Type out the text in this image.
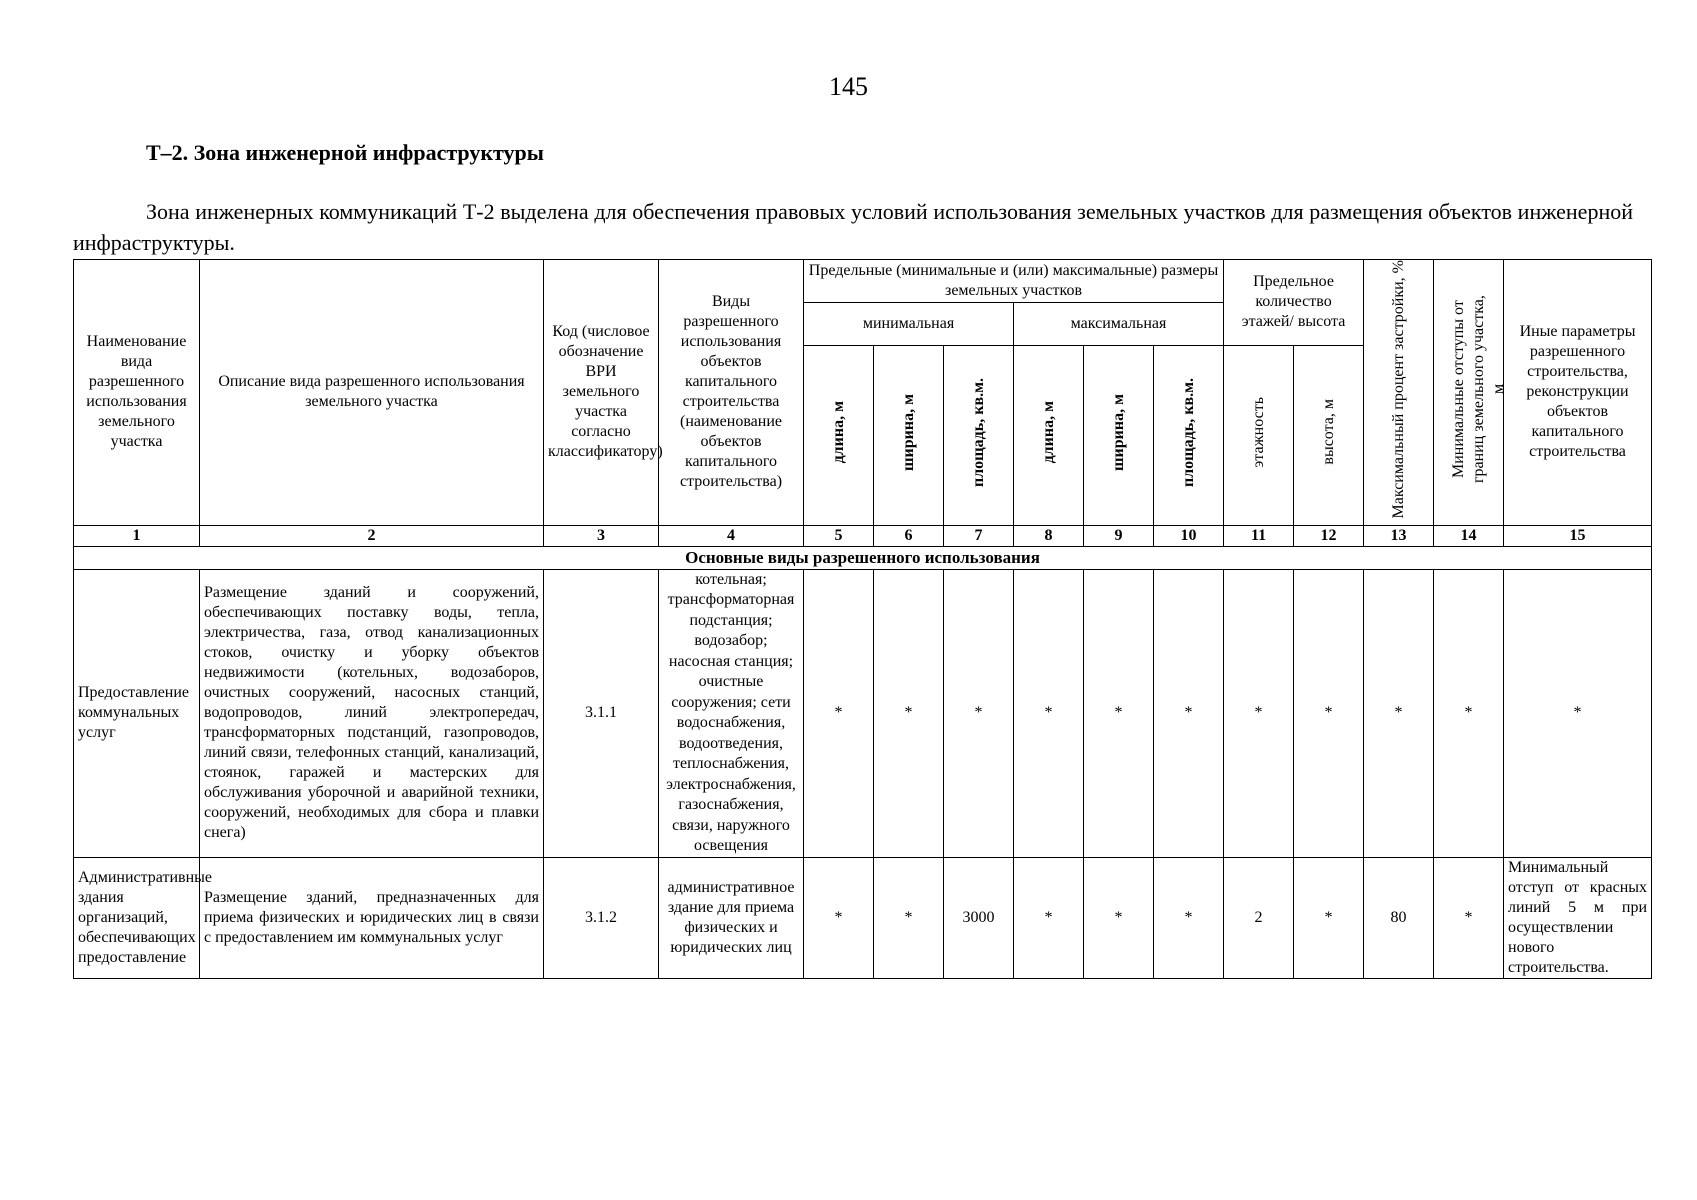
145
Т–2. Зона инженерной инфраструктуры
Зона инженерных коммуникаций Т-2 выделена для обеспечения правовых условий использования земельных участков для размещения объектов инженерной инфраструктуры.
Наименование вида разрешенного использования земельного участка	Описание вида разрешенного использования земельного участка	Код (числовое обозначение ВРИ земельного участка согласно классификатору)	Виды разрешенного использования объектов капитального строительства (наименование объектов капитального строительства)	Предельные (минимальные и (или) максимальные) размеры земельных участков						Предельное количество этажей/ высота		Максимальный процент застройки, %	Минимальные отступы от границ земельного участка, м	Иные параметры разрешенного строительства, реконструкции объектов капитального строительства
				минимальная			максимальная							
				длина, м	ширина, м	площадь, кв.м.	длина, м	ширина, м	площадь, кв.м.	этажность	высота, м			
1	2	3	4	5	6	7	8	9	10	11	12	13	14	15
Основные виды разрешенного использования														
Предоставление коммунальных услуг	Размещение зданий и сооружений, обеспечивающих поставку воды, тепла, электричества, газа, отвод канализационных стоков, очистку и уборку объектов недвижимости (котельных, водозаборов, очистных сооружений, насосных станций, водопроводов, линий электропередач, трансформаторных подстанций, газопроводов, линий связи, телефонных станций, канализаций, стоянок, гаражей и мастерских для обслуживания уборочной и аварийной техники, сооружений, необходимых для сбора и плавки снега)	3.1.1	котельная; трансформаторная подстанция; водозабор; насосная станция; очистные сооружения; сети водоснабжения, водоотведения, теплоснабжения, электроснабжения, газоснабжения, связи, наружного освещения	*	*	*	*	*	*	*	*	*	*	*
Административные здания организаций, обеспечивающих предоставление	Размещение зданий, предназначенных для приема физических и юридических лиц в связи с предоставлением им коммунальных услуг	3.1.2	административное здание для приема физических и юридических лиц	*	*	3000	*	*	*	2	*	80	*	Минимальный отступ от красных линий 5 м при осуществлении нового строительства.
